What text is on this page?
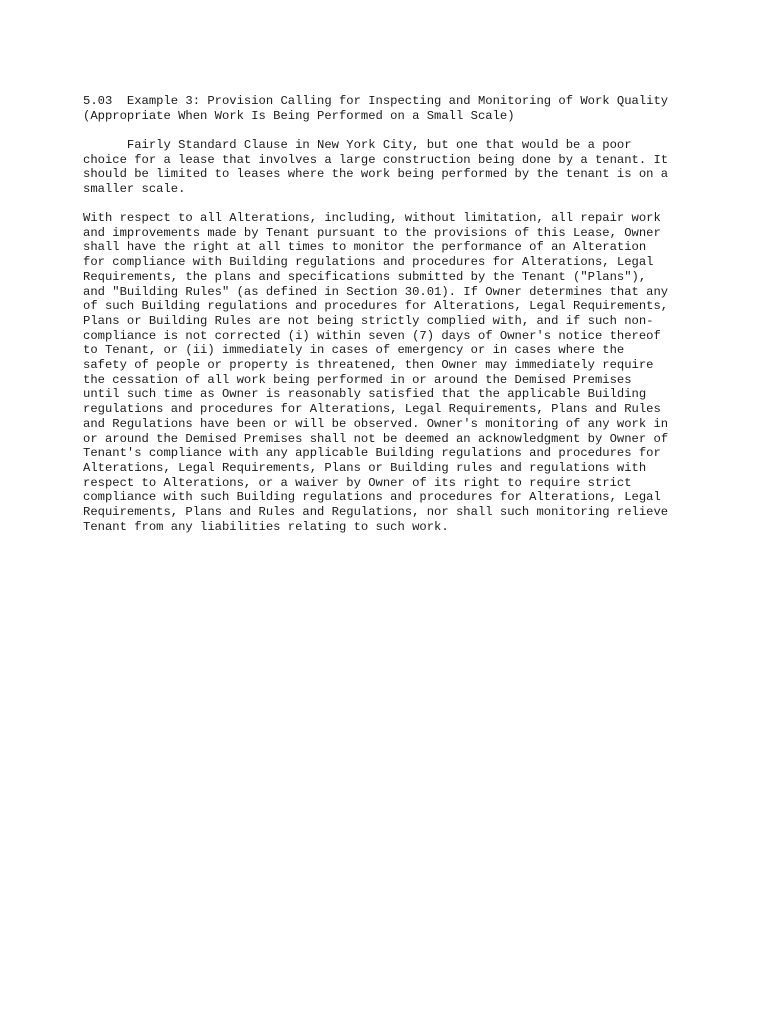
5.03  Example 3: Provision Calling for Inspecting and Monitoring of Work Quality
(Appropriate When Work Is Being Performed on a Small Scale)

Fairly Standard Clause in New York City, but one that would be a poor
choice for a lease that involves a large construction being done by a tenant. It
should be limited to leases where the work being performed by the tenant is on a
smaller scale.

With respect to all Alterations, including, without limitation, all repair work
and improvements made by Tenant pursuant to the provisions of this Lease, Owner
shall have the right at all times to monitor the performance of an Alteration
for compliance with Building regulations and procedures for Alterations, Legal
Requirements, the plans and specifications submitted by the Tenant ("Plans"),
and "Building Rules" (as defined in Section 30.01). If Owner determines that any
of such Building regulations and procedures for Alterations, Legal Requirements,
Plans or Building Rules are not being strictly complied with, and if such non-
compliance is not corrected (i) within seven (7) days of Owner's notice thereof
to Tenant, or (ii) immediately in cases of emergency or in cases where the
safety of people or property is threatened, then Owner may immediately require
the cessation of all work being performed in or around the Demised Premises
until such time as Owner is reasonably satisfied that the applicable Building
regulations and procedures for Alterations, Legal Requirements, Plans and Rules
and Regulations have been or will be observed. Owner's monitoring of any work in
or around the Demised Premises shall not be deemed an acknowledgment by Owner of
Tenant's compliance with any applicable Building regulations and procedures for
Alterations, Legal Requirements, Plans or Building rules and regulations with
respect to Alterations, or a waiver by Owner of its right to require strict
compliance with such Building regulations and procedures for Alterations, Legal
Requirements, Plans and Rules and Regulations, nor shall such monitoring relieve
Tenant from any liabilities relating to such work.
